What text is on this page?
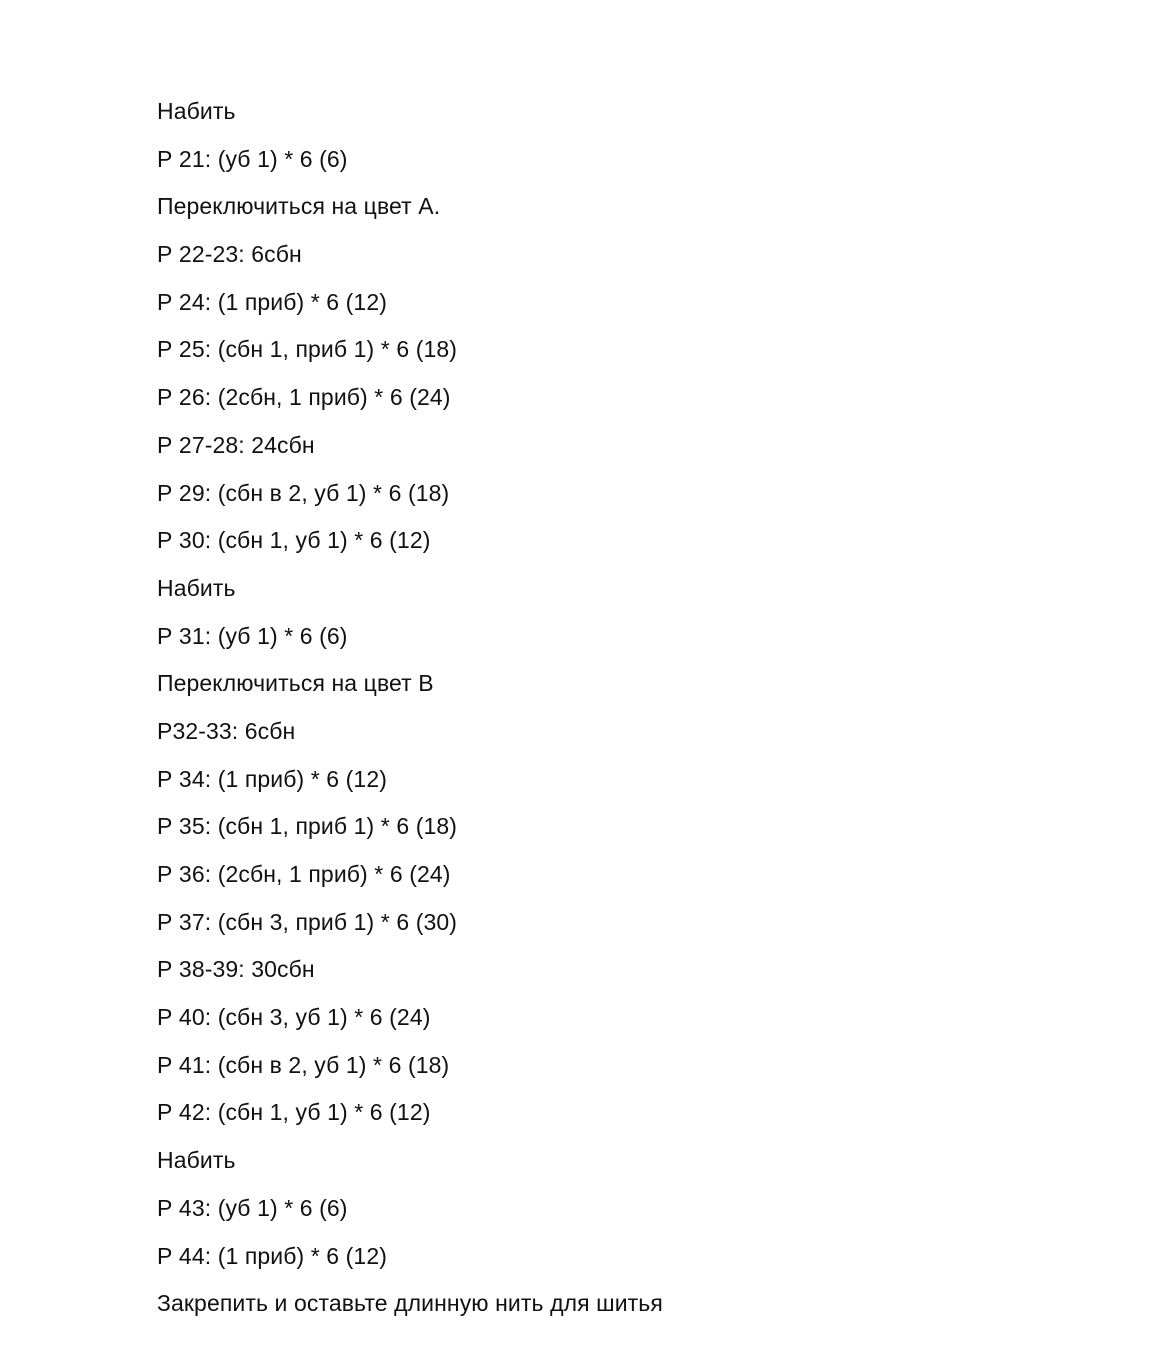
Набить
Р 21: (уб 1) * 6 (6)
Переключиться на цвет А.
Р 22-23: 6сбн
Р 24: (1 приб) * 6 (12)
Р 25: (сбн 1, приб 1) * 6 (18)
Р 26: (2сбн, 1 приб) * 6 (24)
Р 27-28: 24сбн
Р 29: (сбн в 2, уб 1) * 6 (18)
Р 30: (сбн 1, уб 1) * 6 (12)
Набить
Р 31: (уб 1) * 6 (6)
Переключиться на цвет В
Р32-33: 6сбн
Р 34: (1 приб) * 6 (12)
Р 35: (сбн 1, приб 1) * 6 (18)
Р 36: (2сбн, 1 приб) * 6 (24)
Р 37: (сбн 3, приб 1) * 6 (30)
Р 38-39: 30сбн
Р 40: (сбн 3, уб 1) * 6 (24)
Р 41: (сбн в 2, уб 1) * 6 (18)
Р 42: (сбн 1, уб 1) * 6 (12)
Набить
Р 43: (уб 1) * 6 (6)
Р 44: (1 приб) * 6 (12)
Закрепить и оставьте длинную нить для шитья
